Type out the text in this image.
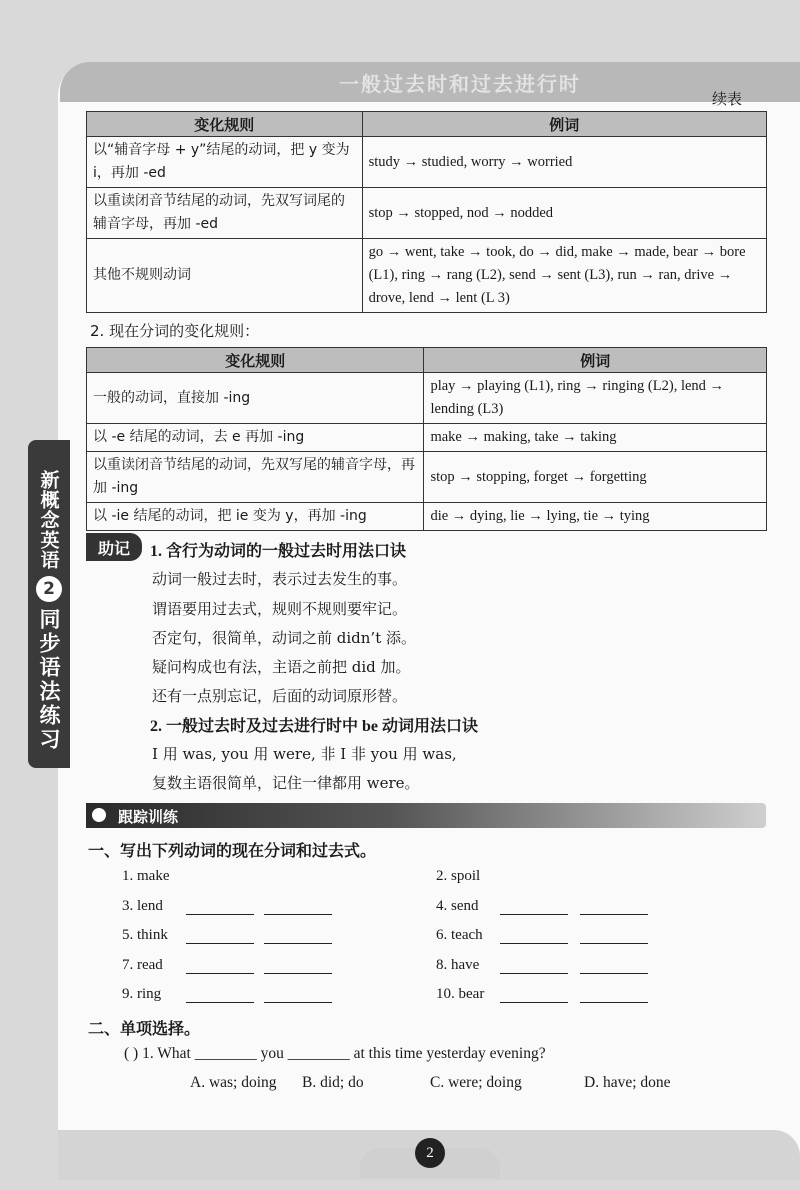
一般过去时和过去进行时
续表
变化规则	例词
以“辅音字母 + y”结尾的动词，把 y 变为 i，再加 -ed	study → studied, worry → worried
以重读闭音节结尾的动词，先双写词尾的辅音字母，再加 -ed	stop → stopped, nod → nodded
其他不规则动词	go → went, take → took, do → did, make → made, bear → bore (L1), ring → rang (L2), send → sent (L3), run → ran, drive → drove, lend → lent (L 3)
2. 现在分词的变化规则：
变化规则	例词
一般的动词，直接加 -ing	play → playing (L1), ring → ringing (L2), lend → lending (L3)
以 -e 结尾的动词，去 e 再加 -ing	make → making, take → taking
以重读闭音节结尾的动词，先双写尾的辅音字母，再加 -ing	stop → stopping, forget → forgetting
以 -ie 结尾的动词，把 ie 变为 y，再加 -ing	die → dying, lie → lying, tie → tying
新概念英语
2
同步语法练习
助记	1. 含行为动词的一般过去时用法口诀
动词一般过去时，表示过去发生的事。
谓语要用过去式，规则不规则要牢记。
否定句，很简单，动词之前 didn’t 添。
疑问构成也有法，主语之前把 did 加。
还有一点别忘记，后面的动词原形替。
2. 一般过去时及过去进行时中 be 动词用法口诀
I 用 was, you 用 were, 非 I 非 you 用 was,
复数主语很简单，记住一律都用 were。
跟踪训练
一、写出下列动词的现在分词和过去式。
1. make
3. lend
5. think
7. read
9. ring
2. spoil
4. send
6. teach
8. have
10. bear
二、单项选择。
( ) 1. What ________ you ________ at this time yesterday evening?
A. was; doing B. did; do	C. were; doing	D. have; done
2
